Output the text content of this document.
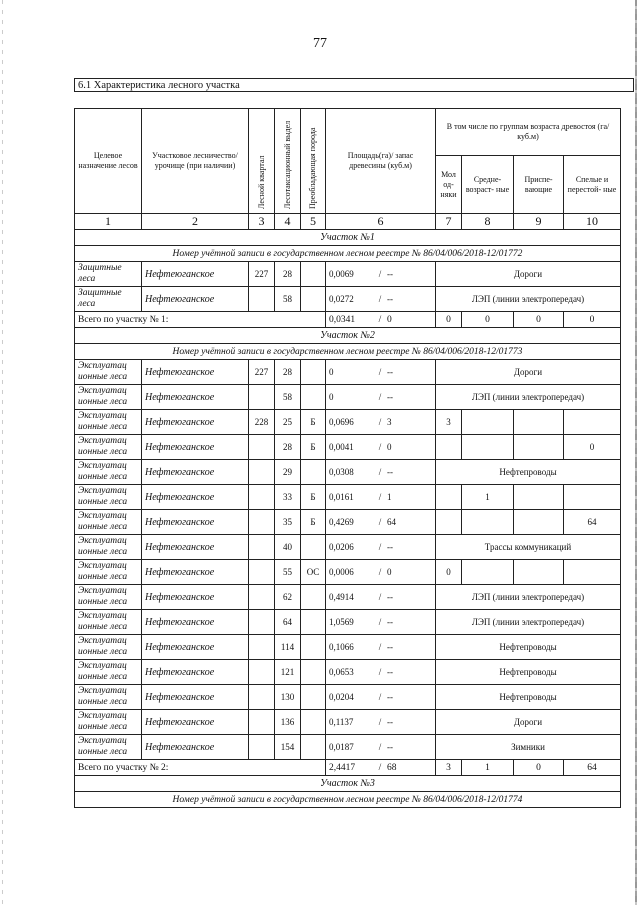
77
6.1 Характеристика лесного участка
Целевое назначение лесов	Участковое лесничество/ урочище (при наличии)	Лесной квартал	Лесотаксационный выдел	Преобладающая порода	Площадь(га)/ запас древесины (куб.м)	В том числе по группам возраста древостоя (га/ куб.м)			
						Мол од- няки	Средне- возраст- ные	Приспе- вающие	Спелые и перестой- ные
1	2	3	4	5	6	7	8	9	10
Участок №1									
Номер учётной записи в государственном лесном реестре № 86/04/006/2018-12/01772									
Защитные леса	Нефтеюганское	227	28		0,0069 / --	Дороги			
Защитные леса	Нефтеюганское		58		0,0272 / --	ЛЭП (линии электропередач)			
Всего по участку № 1:					0,0341 / 0	0	0	0	0
Участок №2									
Номер учётной записи в государственном лесном реестре № 86/04/006/2018-12/01773									
Эксплуатац ионные леса	Нефтеюганское	227	28		0 / --	Дороги			
Эксплуатац ионные леса	Нефтеюганское		58		0 / --	ЛЭП (линии электропередач)			
Эксплуатац ионные леса	Нефтеюганское	228	25	Б	0,0696 / 3	3			
Эксплуатац ионные леса	Нефтеюганское		28	Б	0,0041 / 0				0
Эксплуатац ионные леса	Нефтеюганское		29		0,0308 / --	Нефтепроводы			
Эксплуатац ионные леса	Нефтеюганское		33	Б	0,0161 / 1		1		
Эксплуатац ионные леса	Нефтеюганское		35	Б	0,4269 / 64				64
Эксплуатац ионные леса	Нефтеюганское		40		0,0206 / --	Трассы коммуникаций			
Эксплуатац ионные леса	Нефтеюганское		55	ОС	0,0006 / 0	0			
Эксплуатац ионные леса	Нефтеюганское		62		0,4914 / --	ЛЭП (линии электропередач)			
Эксплуатац ионные леса	Нефтеюганское		64		1,0569 / --	ЛЭП (линии электропередач)			
Эксплуатац ионные леса	Нефтеюганское		114		0,1066 / --	Нефтепроводы			
Эксплуатац ионные леса	Нефтеюганское		121		0,0653 / --	Нефтепроводы			
Эксплуатац ионные леса	Нефтеюганское		130		0,0204 / --	Нефтепроводы			
Эксплуатац ионные леса	Нефтеюганское		136		0,1137 / --	Дороги			
Эксплуатац ионные леса	Нефтеюганское		154		0,0187 / --	Зимники			
Всего по участку № 2:					2,4417 / 68	3	1	0	64
Участок №3									
Номер учётной записи в государственном лесном реестре № 86/04/006/2018-12/01774									
